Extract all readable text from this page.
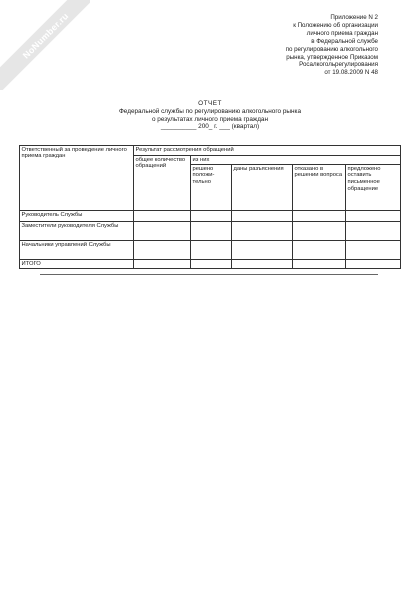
NoNumber.ru	Приложение N 2
к Положению об организации
личного приема граждан
в Федеральной службе
по регулированию алкогольного
рынка, утвержденное Приказом
Росалкогольрегулирования
от 19.08.2009 N 48
ОТЧЕТ
Федеральной службы по регулированию алкогольного рынка
о результатах личного приема граждан
__________ 200_ г. ___ (квартал)
Ответственный за проведение личного приема граждан	Результат рассмотрения обращений				
	общее количество обращений	из них			
		решено положи-тельно	даны разъяснения	отказано в решении вопроса	предложено оставить письменное обращение
Руководитель Службы					
Заместители руководителя Службы					
Начальники управлений Службы					
ИТОГО					
